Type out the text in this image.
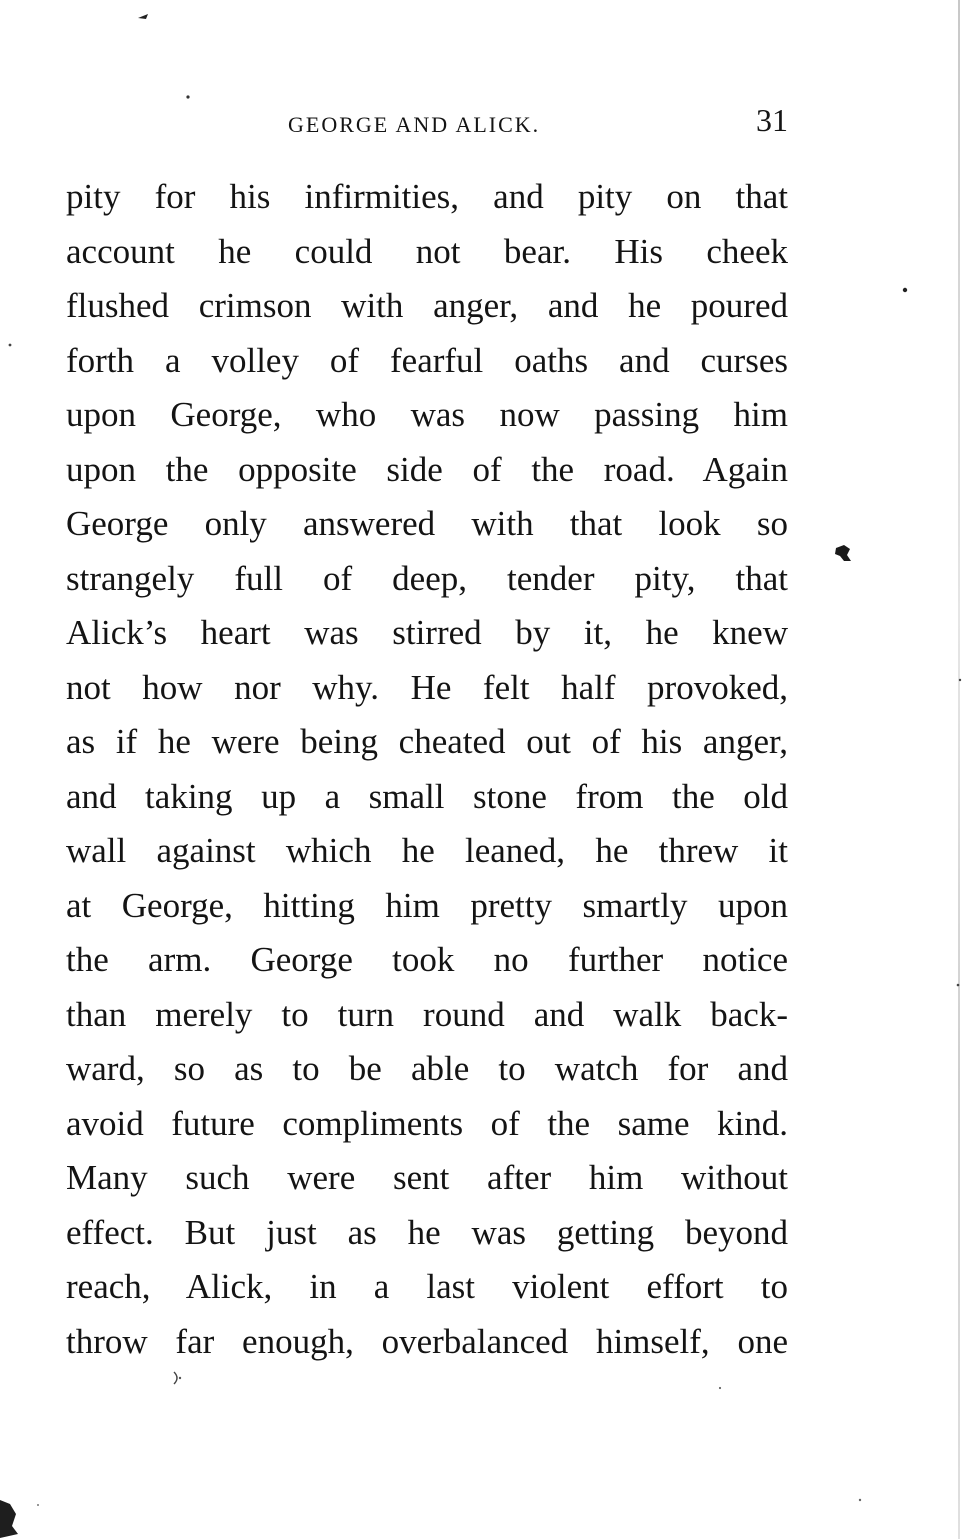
GEORGE AND ALICK.	31
pity for his infirmities, and pity on that
account he could not bear. His cheek
flushed crimson with anger, and he poured
forth a volley of fearful oaths and curses
upon George, who was now passing him
upon the opposite side of the road. Again
George only answered with that look so
strangely full of deep, tender pity, that
Alick’s heart was stirred by it, he knew
not how nor why. He felt half provoked,
as if he were being cheated out of his anger,
and taking up a small stone from the old
wall against which he leaned, he threw it
at George, hitting him pretty smartly upon
the arm. George took no further notice
than merely to turn round and walk back-
ward, so as to be able to watch for and
avoid future compliments of the same kind.
Many such were sent after him without
effect. But just as he was getting beyond
reach, Alick, in a last violent effort to
throw far enough, overbalanced himself, one
